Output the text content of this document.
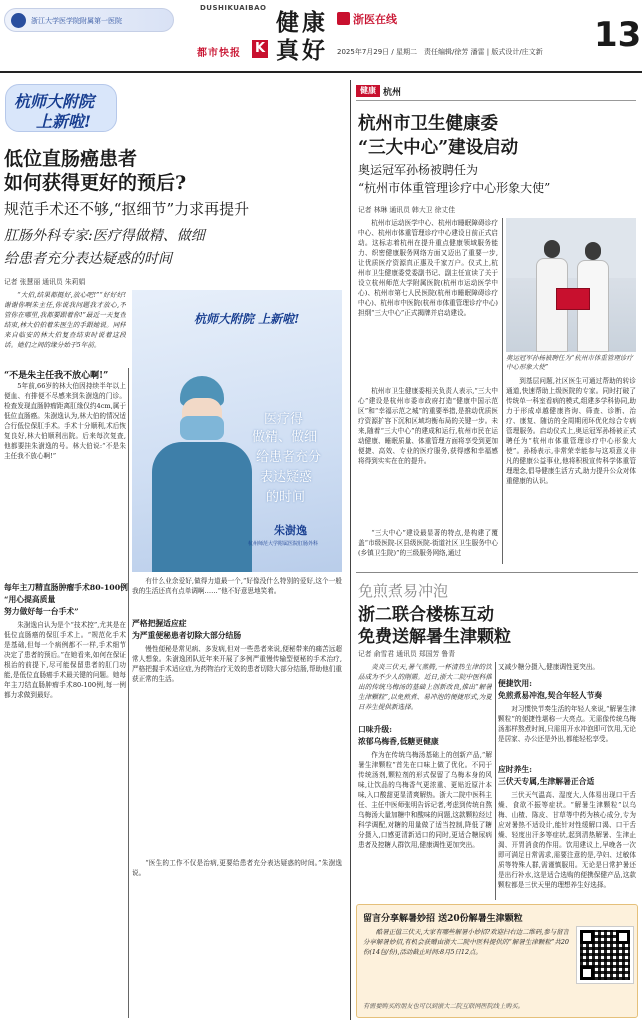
浙江大学医学院附属第一医院
DUSHIKUAIBAO
都市快报 K
健康
真好
浙医在线
2025年7月29日 / 星期二　责任编辑/徐芳 潘雷 | 版式设计/庄文新 13
杭师大附院
上新啦!
低位直肠癌患者
如何获得更好的预后?
规范手术还不够,“抠细节”力求再提升
肛肠外科专家:医疗得做精、做细
给患者充分表达疑惑的时间
记者 张慧丽 通讯员 朱莉娟
“大伯,结果都挺好,放心吧!”“好好好!谢谢你啊朱主任,你说我问题我才放心,不管你在哪里,我都要跟着你!”最近一天复查结束,林大伯拍着朱医生的手跟她说。同样来自临安的林大伯复查结束时说着这段话。她们之间的缘分始于5年前。
杭师大附院 上新啦!
医疗得
做精、做细
给患者充分
表达疑惑
的时间
朱澍逸
杭州师范大学附属医院肛肠外科
“不是朱主任我不放心啊!”
5年前,66岁的林大伯因持续半年以上便血、有排便不尽感来到朱澍逸的门诊。检查发现直肠肿瘤距离肛缘仅约4cm,属于低位直肠癌。朱澍逸认为,林大伯的情况适合行低位保肛手术。手术十分顺利,术后恢复良好,林大伯顺利出院。后来每次复查,他都要挂朱澍逸的号。林大伯说:“不是朱主任我不放心啊!”
每年主刀精直肠肿瘤手术80-100例
“用心提高质量
努力做好每一台手术”
朱澍逸自认为是个“技术控”,尤其是在低位直肠癌的保肛手术上。“规范化手术是基础,但每一个病例都不一样,手术细节决定了患者的预后。”在她看来,如何在保证根治的前提下,尽可能保留患者的肛门功能,是低位直肠癌手术最关键的问题。她每年主刀结直肠肿瘤手术80-100例,每一例都力求做到最好。
有什么业余爱好,做得力道最一个,“好像没什么特别的爱好,这个一般我的生活还真有点单调啊……”他不好意思地笑着。
严格把握适应症
为严重便秘患者切除大部分结肠
慢性便秘是常见病、多发病,但对一些患者来说,便秘带来的痛苦远超常人想象。朱澍逸团队近年来开展了多例严重慢传输型便秘的手术治疗,严格把握手术适应症,为药物治疗无效的患者切除大部分结肠,帮助他们重获正常的生活。
“医生的工作不仅是治病,更要给患者充分表达疑惑的时间。”朱澍逸说。
健康 杭州
杭州市卫生健康委
“三大中心”建设启动
奥运冠军孙杨被聘任为
“杭州市体重管理诊疗中心形象大使”
记者 林琳 通讯员 韩大卫 徐丈佳
杭州市运动医学中心、杭州市睡眠障碍诊疗中心、杭州市体重管理诊疗中心建设日前正式启动。这标志着杭州在提升重点健康领域服务能力、织密健康服务网络方面又迈出了重要一步,让优质医疗资源真正惠及千家万户。仪式上,杭州市卫生健康委党委副书记、副主任宣读了关于设立杭州师范大学附属医院(杭州市运动医学中心)、杭州市第七人民医院(杭州市睡眠障碍诊疗中心)、杭州市中医院(杭州市体重管理诊疗中心)担纲“三大中心”正式揭牌并启动建设。
奥运冠军孙杨被聘任为“杭州市体重管理诊疗中心形象大使”
杭州市卫生健康委相关负责人表示,“三大中心”建设是杭州市委市政府打造“健康中国示范区”和“幸福示范之城”的重要举措,是推动优质医疗资源扩容下沉和区域均衡布局的关键一步。未来,随着“三大中心”的建成和运行,杭州市民在运动健康、睡眠质量、体重管理方面将享受到更加便捷、高效、专业的医疗服务,获得感和幸福感将得到实实在在的提升。
“三大中心”建设最显著的特点,是构建了覆盖“市级医院-区县级医院-街道社区卫生服务中心(乡镇卫生院)”的三级服务网络,通过
到基层问题,社区医生可通过帮助的转诊通道,快速帮助上级医院的专家。同时打破了传统单一科室看病的模式,组建多学科协同,助力于形成卓越健康咨询、筛查、诊断、治疗、康复、随访的全周期闭环优化综合专病管理服务。启动仪式上,奥运冠军孙杨被正式聘任为“杭州市体重管理诊疗中心形象大使”。孙杨表示,非常荣幸能参与这项意义非凡的健康公益事业,他将积极宣传科学体重管理理念,倡导健康生活方式,助力提升公众对体重健康的认识。
免煎煮易冲泡
浙二联合楼栋互动
免费送解暑生津颗粒
记者 俞雪君 通讯员 郑国芳 鲁青
炎炎三伏天,暑气蒸腾,一杯清热生津的饮品成为不少人的刚需。近日,浙大二院中医科推出的传统乌梅汤的基础上创新改良,推出“解暑生津颗粒”,以免煎煮、易冲泡的便捷形式,为夏日养生提供新选择。
口味升级:
浓郁乌梅香,低糖更健康
作为在传统乌梅汤基础上的创新产品,“解暑生津颗粒”首先在口味上做了优化。不同于传统汤剂,颗粒剂的形式保留了乌梅本身的风味,让饮品的乌梅香气更浓重、更贴近原汁本味,入口酸甜更显清爽解热。浙大二院中医科主任、主任中医师张明告诉记者,考虑到传统自熬乌梅汤大量加糖中和酸味的问题,这款颗粒经过科学调配,对糖的用量做了适当控制,降低了糖分摄入,口感更清新适口的同时,更适合糖尿病患者及控糖人群饮用,健康调性更加突出。
又减少糖分摄入,健康调性更突出。
便捷饮用:
免煎煮易冲泡,契合年轻人节奏
对习惯快节奏生活的年轻人来说,“解暑生津颗粒”的便捷性堪称一大亮点。无需像传统乌梅汤那样熬煮时间,只需用开水冲泡即可饮用,无论是居家、办公还是外出,都能轻松享受。
应时养生:
三伏天专属,生津解暑正合适
三伏天气温高、湿度大,人体易出现口干舌燥、食欲不振等症状。“解暑生津颗粒”以乌梅、山楂、陈皮、甘草等中药为核心成分,专为应对暑热不适设计,能针对性缓解口渴、口干舌燥、轻度出汗多等症状,起到清热解暑、生津止渴、开胃消食的作用。饮用建议上,早晚各一次即可满足日常需求,需要注意的是,孕妇、过敏体质等特殊人群,需谨慎服用。无论是日常护暑还是出行补水,这是适合选购的便携保健产品,这款颗粒都是三伏天里的理想养生好选择。
留言分享解暑妙招 送20份解暑生津颗粒
酷暑正值三伏天,大家有哪些解暑小妙招?欢迎扫右边二维码,参与留言分享解暑妙招,有机会获赠由浙大二院中医科提供的“解暑生津颗粒”共20份(14包/份),活动截止时间:8月5日12点。
有需要购买的朋友也可以到浙大二院互联网医院线上购买。
